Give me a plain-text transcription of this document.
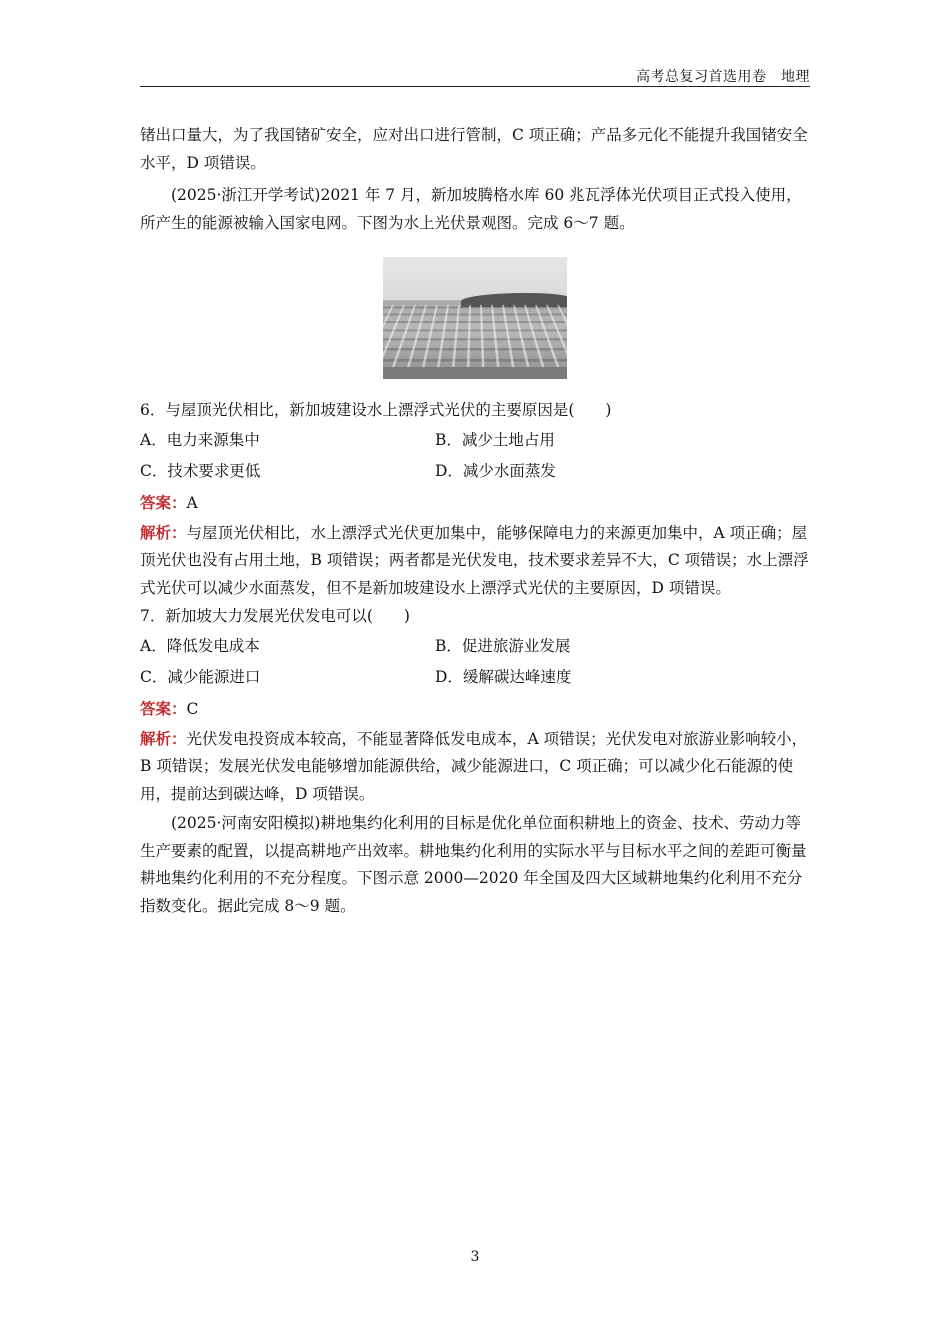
高考总复习首选用卷　地理

锗出口量大，为了我国锗矿安全，应对出口进行管制，C 项正确；产品多元化不能提升我国锗安全水平，D 项错误。

(2025·浙江开学考试)2021 年 7 月，新加坡腾格水库 60 兆瓦浮体光伏项目正式投入使用，所产生的能源被输入国家电网。下图为水上光伏景观图。完成 6～7 题。

6．与屋顶光伏相比，新加坡建设水上漂浮式光伏的主要原因是(　　)

A．电力来源集中	B．减少土地占用
C．技术要求更低	D．减少水面蒸发

答案：A

解析：与屋顶光伏相比，水上漂浮式光伏更加集中，能够保障电力的来源更加集中，A 项正确；屋顶光伏也没有占用土地，B 项错误；两者都是光伏发电，技术要求差异不大，C 项错误；水上漂浮式光伏可以减少水面蒸发，但不是新加坡建设水上漂浮式光伏的主要原因，D 项错误。

7．新加坡大力发展光伏发电可以(　　)

A．降低发电成本	B．促进旅游业发展
C．减少能源进口	D．缓解碳达峰速度

答案：C

解析：光伏发电投资成本较高，不能显著降低发电成本，A 项错误；光伏发电对旅游业影响较小，B 项错误；发展光伏发电能够增加能源供给，减少能源进口，C 项正确；可以减少化石能源的使用，提前达到碳达峰，D 项错误。

(2025·河南安阳模拟)耕地集约化利用的目标是优化单位面积耕地上的资金、技术、劳动力等生产要素的配置，以提高耕地产出效率。耕地集约化利用的实际水平与目标水平之间的差距可衡量耕地集约化利用的不充分程度。下图示意 2000—2020 年全国及四大区域耕地集约化利用不充分指数变化。据此完成 8～9 题。

3
